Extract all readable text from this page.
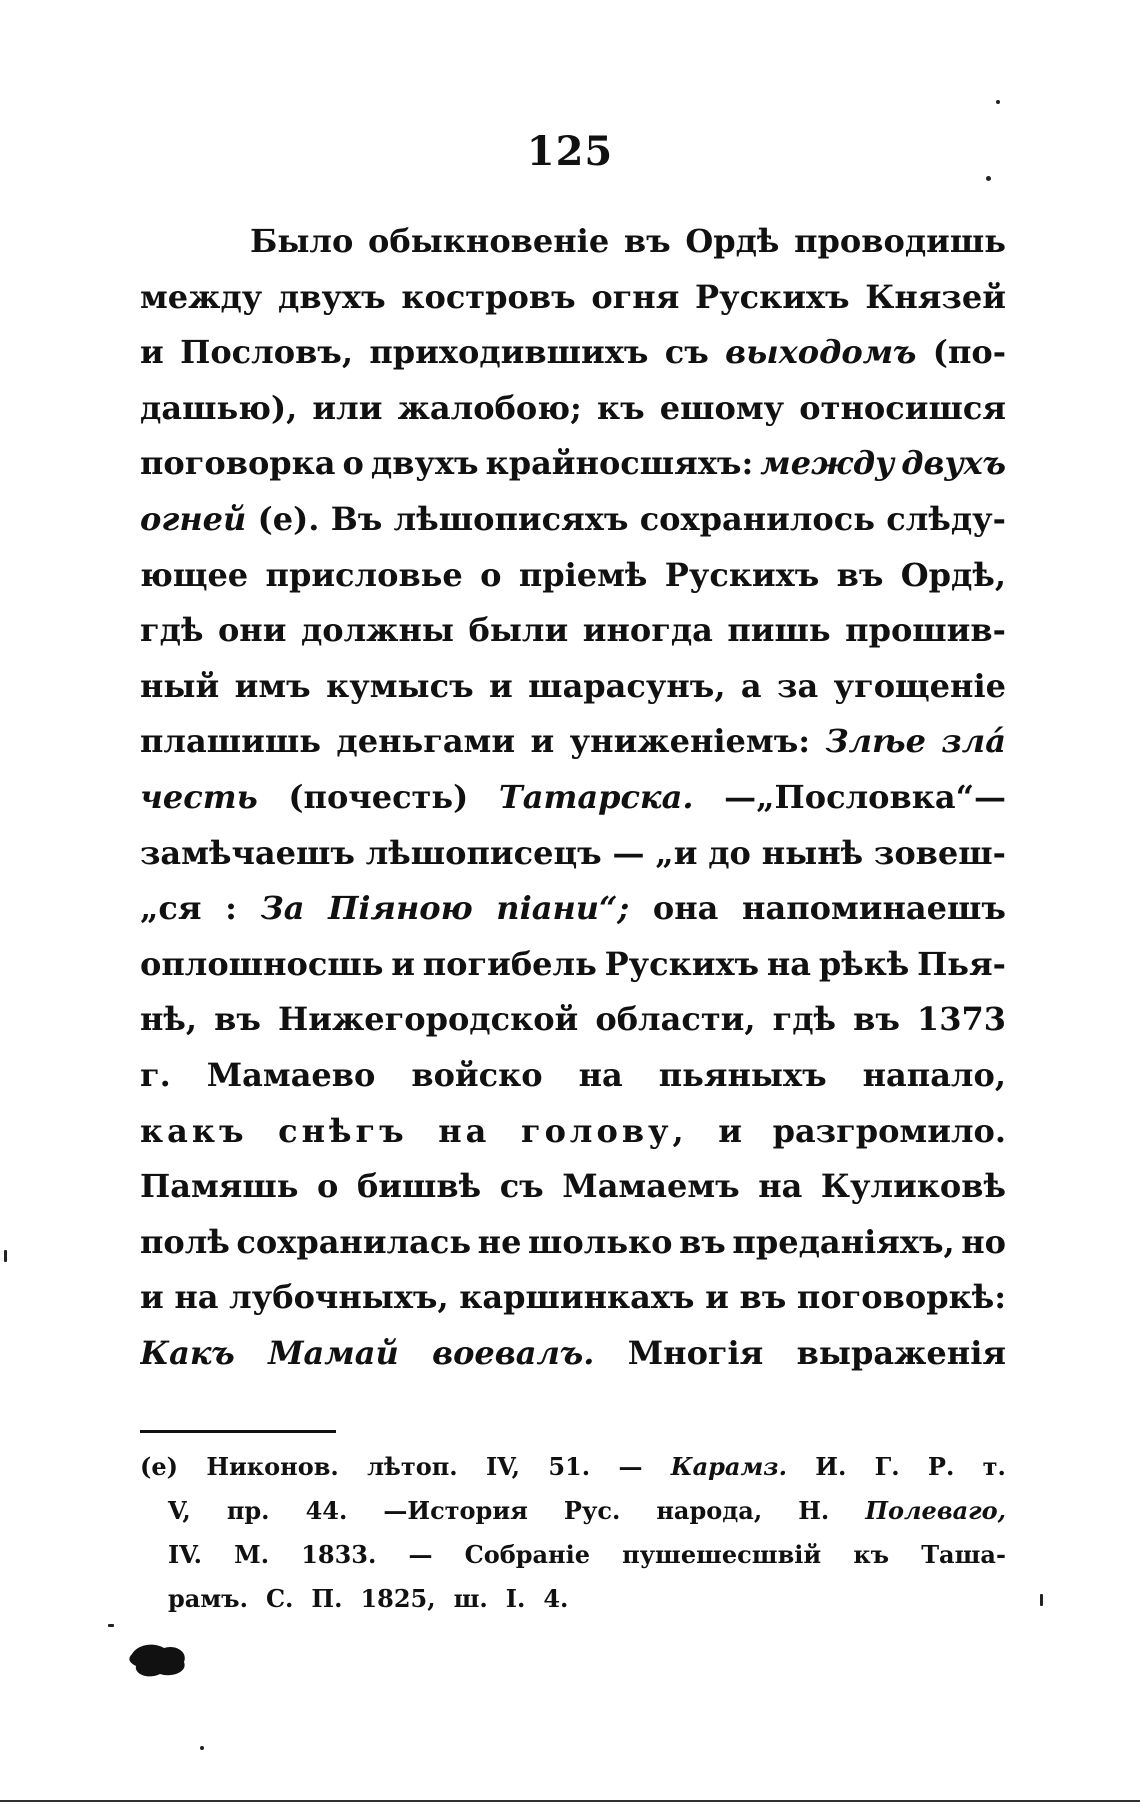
125
Было обыкновеніе въ Ордѣ проводишь
между двухъ костровъ огня Рускихъ Князей
и Пословъ, приходившихъ съ выходомъ (по-
дашью), или жалобою; къ ешому относишся
поговорка о двухъ крайносшяхъ: между двухъ
огней (е). Въ лѣшописяхъ сохранилось слѣду-
ющее присловье о пріемѣ Рускихъ въ Ордѣ,
гдѣ они должны были иногда пишь прошив-
ный имъ кумысъ и шарасунъ, а за угощеніе
плашишь деньгами и униженіемъ: Злѣе злá
честь (почесть) Татарска. —„Пословка“—
замѣчаешъ лѣшописецъ — „и до нынѣ зовеш-
„ся : За Піяною піани“; она напоминаешъ
оплошносшь и погибель Рускихъ на рѣкѣ Пья-
нѣ, въ Нижегородской области, гдѣ въ 1373
г. Мамаево войско на пьяныхъ напало,
какъ снѣгъ на голову, и разгромило.
Памяшь о бишвѣ съ Мамаемъ на Куликовѣ
полѣ сохранилась не шолько въ преданіяхъ, но
и на лубочныхъ, каршинкахъ и въ поговоркѣ:
Какъ Мамай воевалъ. Многія выраженія
(е) Никонов. лѣтоп. IV, 51. — Карамз. И. Г. Р. т.
V, пр. 44. —История Рус. народа, Н. Полеваго,
IV. М. 1833. — Собраніе пушешесшвій къ Таша-
рамъ. С. П. 1825, ш. I. 4.
